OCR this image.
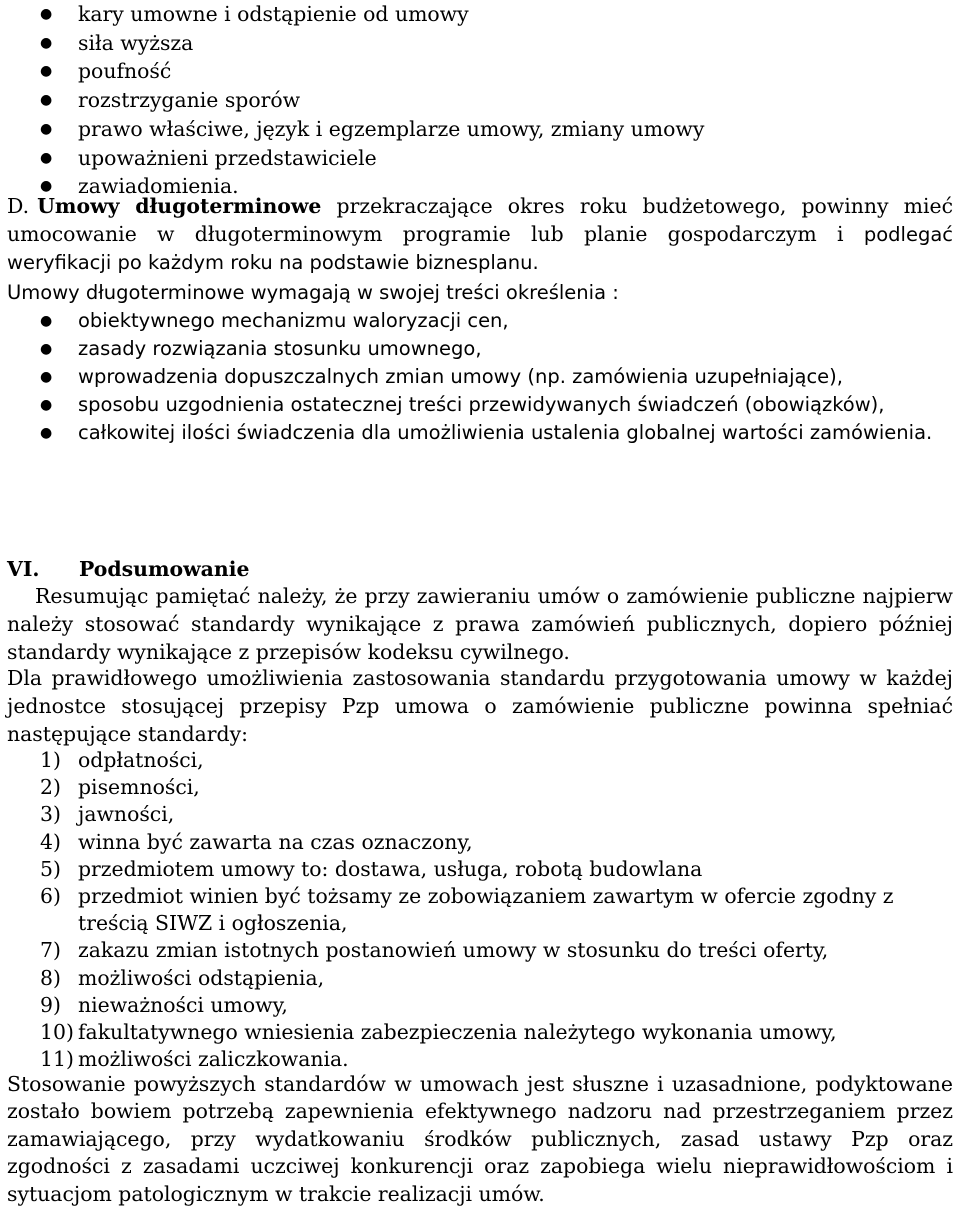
●	kary umowne i odstąpienie od umowy
●	siła wyższa
●	poufność
●	rozstrzyganie sporów
●	prawo właściwe, język i egzemplarze umowy, zmiany umowy
●	upoważnieni przedstawiciele
●	zawiadomienia.

D. Umowy długoterminowe przekraczające okres roku budżetowego, powinny mieć umocowanie w długoterminowym programie lub planie gospodarczym i podlegać weryfikacji po każdym roku na podstawie biznesplanu.

Umowy długoterminowe wymagają w swojej treści określenia :

●	obiektywnego mechanizmu waloryzacji cen,
●	zasady rozwiązania stosunku umownego,
●	wprowadzenia dopuszczalnych zmian umowy (np. zamówienia uzupełniające),
●	sposobu uzgodnienia ostatecznej treści przewidywanych świadczeń (obowiązków),
●	całkowitej ilości świadczenia dla umożliwienia ustalenia globalnej wartości zamówienia.
VI. Podsumowanie

Resumując pamiętać należy, że przy zawieraniu umów o zamówienie publiczne najpierw należy stosować standardy wynikające z prawa zamówień publicznych, dopiero później standardy wynikające z przepisów kodeksu cywilnego.

Dla prawidłowego umożliwienia zastosowania standardu przygotowania umowy w każdej jednostce stosującej przepisy Pzp umowa o zamówienie publiczne powinna spełniać następujące standardy:

1) odpłatności,
2) pisemności,
3) jawności,
4) winna być zawarta na czas oznaczony,
5) przedmiotem umowy to: dostawa, usługa, robotą budowlana
6) przedmiot winien być tożsamy ze zobowiązaniem zawartym w ofercie zgodny z treścią SIWZ i ogłoszenia,
7) zakazu zmian istotnych postanowień umowy w stosunku do treści oferty,
8) możliwości odstąpienia,
9) nieważności umowy,
10) fakultatywnego wniesienia zabezpieczenia należytego wykonania umowy,
11) możliwości zaliczkowania.

Stosowanie powyższych standardów w umowach jest słuszne i uzasadnione, podyktowane zostało bowiem potrzebą zapewnienia efektywnego nadzoru nad przestrzeganiem przez zamawiającego, przy wydatkowaniu środków publicznych, zasad ustawy Pzp oraz zgodności z zasadami uczciwej konkurencji oraz zapobiega wielu nieprawidłowościom i sytuacjom patologicznym w trakcie realizacji umów.
